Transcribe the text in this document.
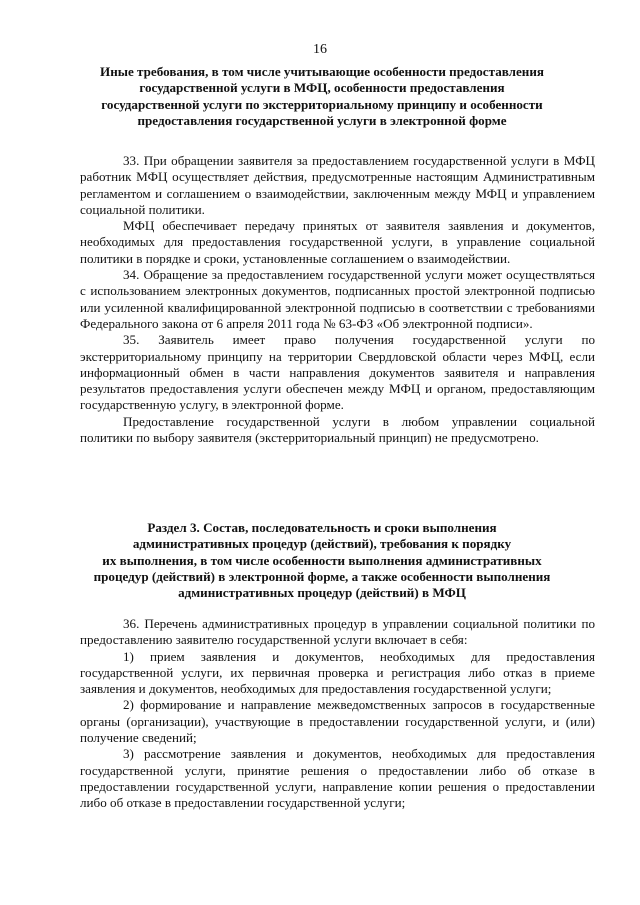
16

Иные требования, в том числе учитывающие особенности предоставления

государственной услуги в МФЦ, особенности предоставления

государственной услуги по экстерриториальному принципу и особенности

предоставления государственной услуги в электронной форме

33. При обращении заявителя за предоставлением государственной услуги в МФЦ работник МФЦ осуществляет действия, предусмотренные настоящим Административным регламентом и соглашением о взаимодействии, заключенным между МФЦ и управлением социальной политики.

МФЦ обеспечивает передачу принятых от заявителя заявления и документов, необходимых для предоставления государственной услуги, в управление социальной политики в порядке и сроки, установленные соглашением о взаимодействии.

34. Обращение за предоставлением государственной услуги может осуществляться с использованием электронных документов, подписанных простой электронной подписью или усиленной квалифицированной электронной подписью в соответствии с требованиями Федерального закона от 6 апреля 2011 года № 63-ФЗ «Об электронной подписи».

35. Заявитель имеет право получения государственной услуги по экстерриториальному принципу на территории Свердловской области через МФЦ, если информационный обмен в части направления документов заявителя и направления результатов предоставления услуги обеспечен между МФЦ и органом, предоставляющим государственную услугу, в электронной форме.

Предоставление государственной услуги в любом управлении социальной политики по выбору заявителя (экстерриториальный принцип) не предусмотрено.

Раздел 3. Состав, последовательность и сроки выполнения

административных процедур (действий), требования к порядку

их выполнения, в том числе особенности выполнения административных

процедур (действий) в электронной форме, а также особенности выполнения

административных процедур (действий) в МФЦ

36. Перечень административных процедур в управлении социальной политики по предоставлению заявителю государственной услуги включает в себя:

1) прием заявления и документов, необходимых для предоставления государственной услуги, их первичная проверка и регистрация либо отказ в приеме заявления и документов, необходимых для предоставления государственной услуги;

2) формирование и направление межведомственных запросов в государственные органы (организации), участвующие в предоставлении государственной услуги, и (или) получение сведений;

3) рассмотрение заявления и документов, необходимых для предоставления государственной услуги, принятие решения о предоставлении либо об отказе в предоставлении государственной услуги, направление копии решения о предоставлении либо об отказе в предоставлении государственной услуги;
